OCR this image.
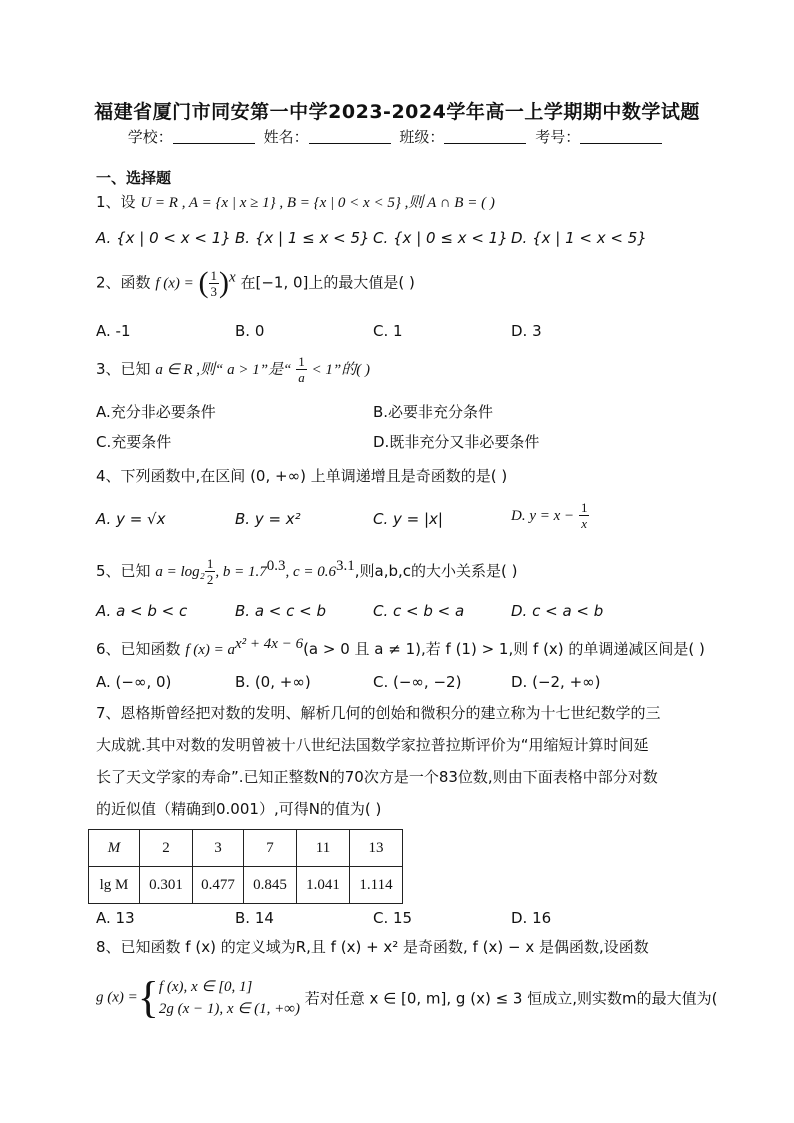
福建省厦门市同安第一中学2023-2024学年高一上学期期中数学试题
学校：	姓名：	班级：	考号：
一、选择题
1、设 U = R , A = {x | x ≥ 1} , B = {x | 0 < x < 5} ,则 A ∩ B = ( )
A. {x | 0 < x < 1} B. {x | 1 ≤ x < 5} C. {x | 0 ≤ x < 1} D. {x | 1 < x < 5}
2、函数 f (x) = ( $\frac{1}{3} )^x$ 在[−1, 0]上的最大值是( )
A. -1	B. 0	C. 1	D. 3
3、已知 a ∈ R ,则“ a > 1”是“ $\frac{1}{a} < 1$”的( )
A.充分非必要条件	B.必要非充分条件
C.充要条件	D.既非充分又非必要条件
4、下列函数中,在区间 (0, +∞) 上单调递增且是奇函数的是( )
A. y = √x	B. y = x²	C. y = |x|	D. $y = x - \frac{1}{x}$
5、已知 $a = \log_2 \frac{1}{2}$ , $b = 1.7^{0.3}$, $c = 0.6^{3.1}$,则a,b,c的大小关系是( )
A. a < b < c	B. a < c < b	C. c < b < a	D. c < a < b
6、已知函数 f $(x) = a^{x^2 + 4x - 6}(a > 0$ 且 a ≠ 1),若 f (1) > 1,则 f (x) 的单调递减区间是( )
A. (−∞, 0)	B. (0, +∞)	C. (−∞, −2)	D. (−2, +∞)
7、恩格斯曾经把对数的发明、解析几何的创始和微积分的建立称为十七世纪数学的三
大成就.其中对数的发明曾被十八世纪法国数学家拉普拉斯评价为“用缩短计算时间延
长了天文学家的寿命”.已知正整数N的70次方是一个83位数,则由下面表格中部分对数
的近似值（精确到0.001）,可得N的值为( )
M	2	3	7	11	13
lg M	0.301	0.477	0.845	1.041	1.114
A. 13	B. 14	C. 15	D. 16
8、已知函数 f (x) 的定义域为R,且 f (x) + x² 是奇函数, f (x) − x 是偶函数,设函数
g (x) ={ f (x), x ∈ [0, 1]
2g (x − 1), x ∈ (1, +∞)
若对任意 x ∈ [0, m], g (x) ≤ 3 恒成立,则实数m的最大值为(
